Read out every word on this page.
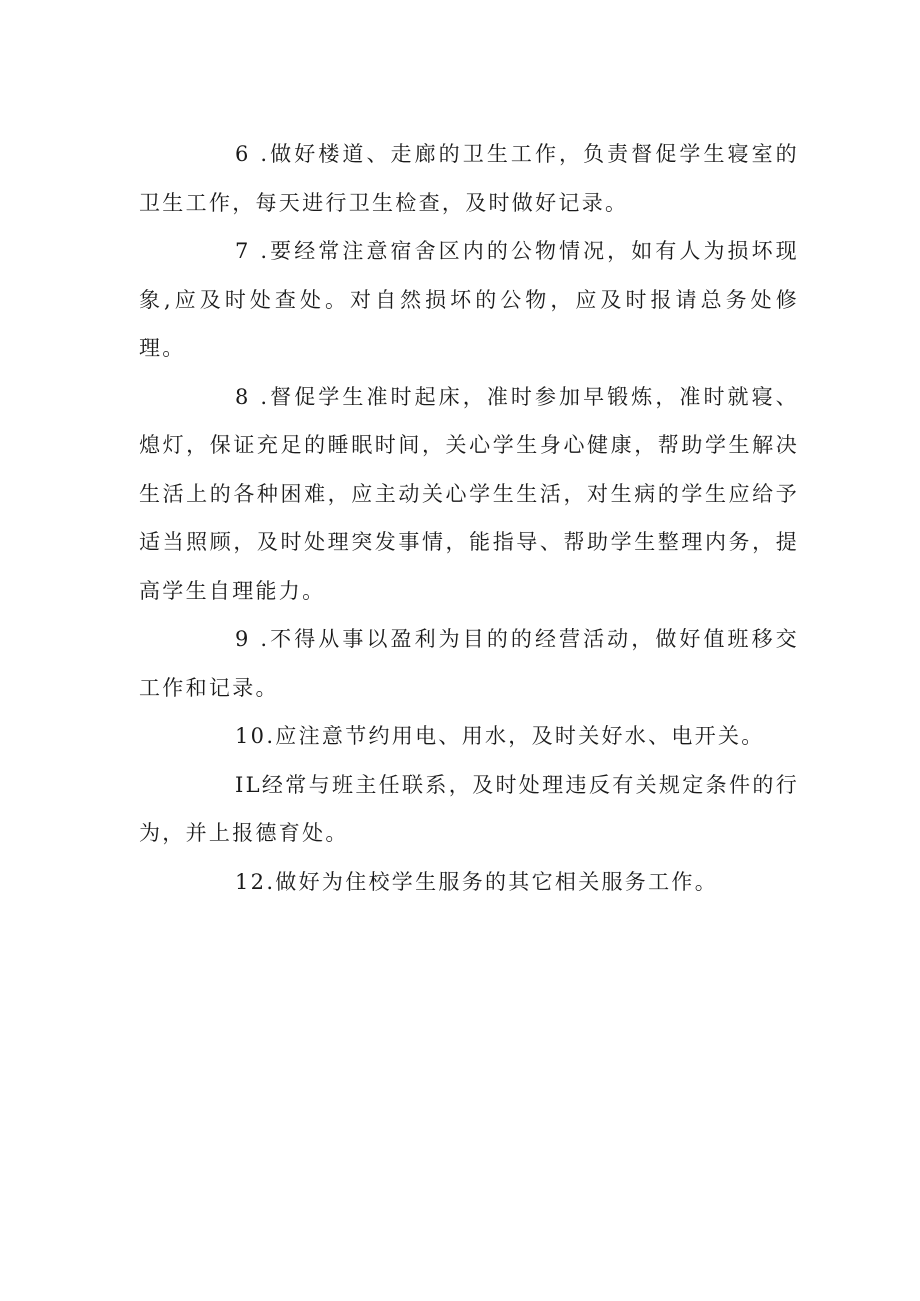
6 .做好楼道、走廊的卫生工作，负责督促学生寝室的卫生工作，每天进行卫生检查，及时做好记录。

7 .要经常注意宿舍区内的公物情况，如有人为损坏现象,应及时处查处。对自然损坏的公物，应及时报请总务处修理。

8 .督促学生准时起床，准时参加早锻炼，准时就寝、熄灯，保证充足的睡眠时间，关心学生身心健康，帮助学生解决生活上的各种困难，应主动关心学生生活，对生病的学生应给予适当照顾，及时处理突发事情，能指导、帮助学生整理内务，提高学生自理能力。

9 .不得从事以盈利为目的的经营活动，做好值班移交工作和记录。

10.应注意节约用电、用水，及时关好水、电开关。

IL经常与班主任联系，及时处理违反有关规定条件的行为，并上报德育处。

12.做好为住校学生服务的其它相关服务工作。
